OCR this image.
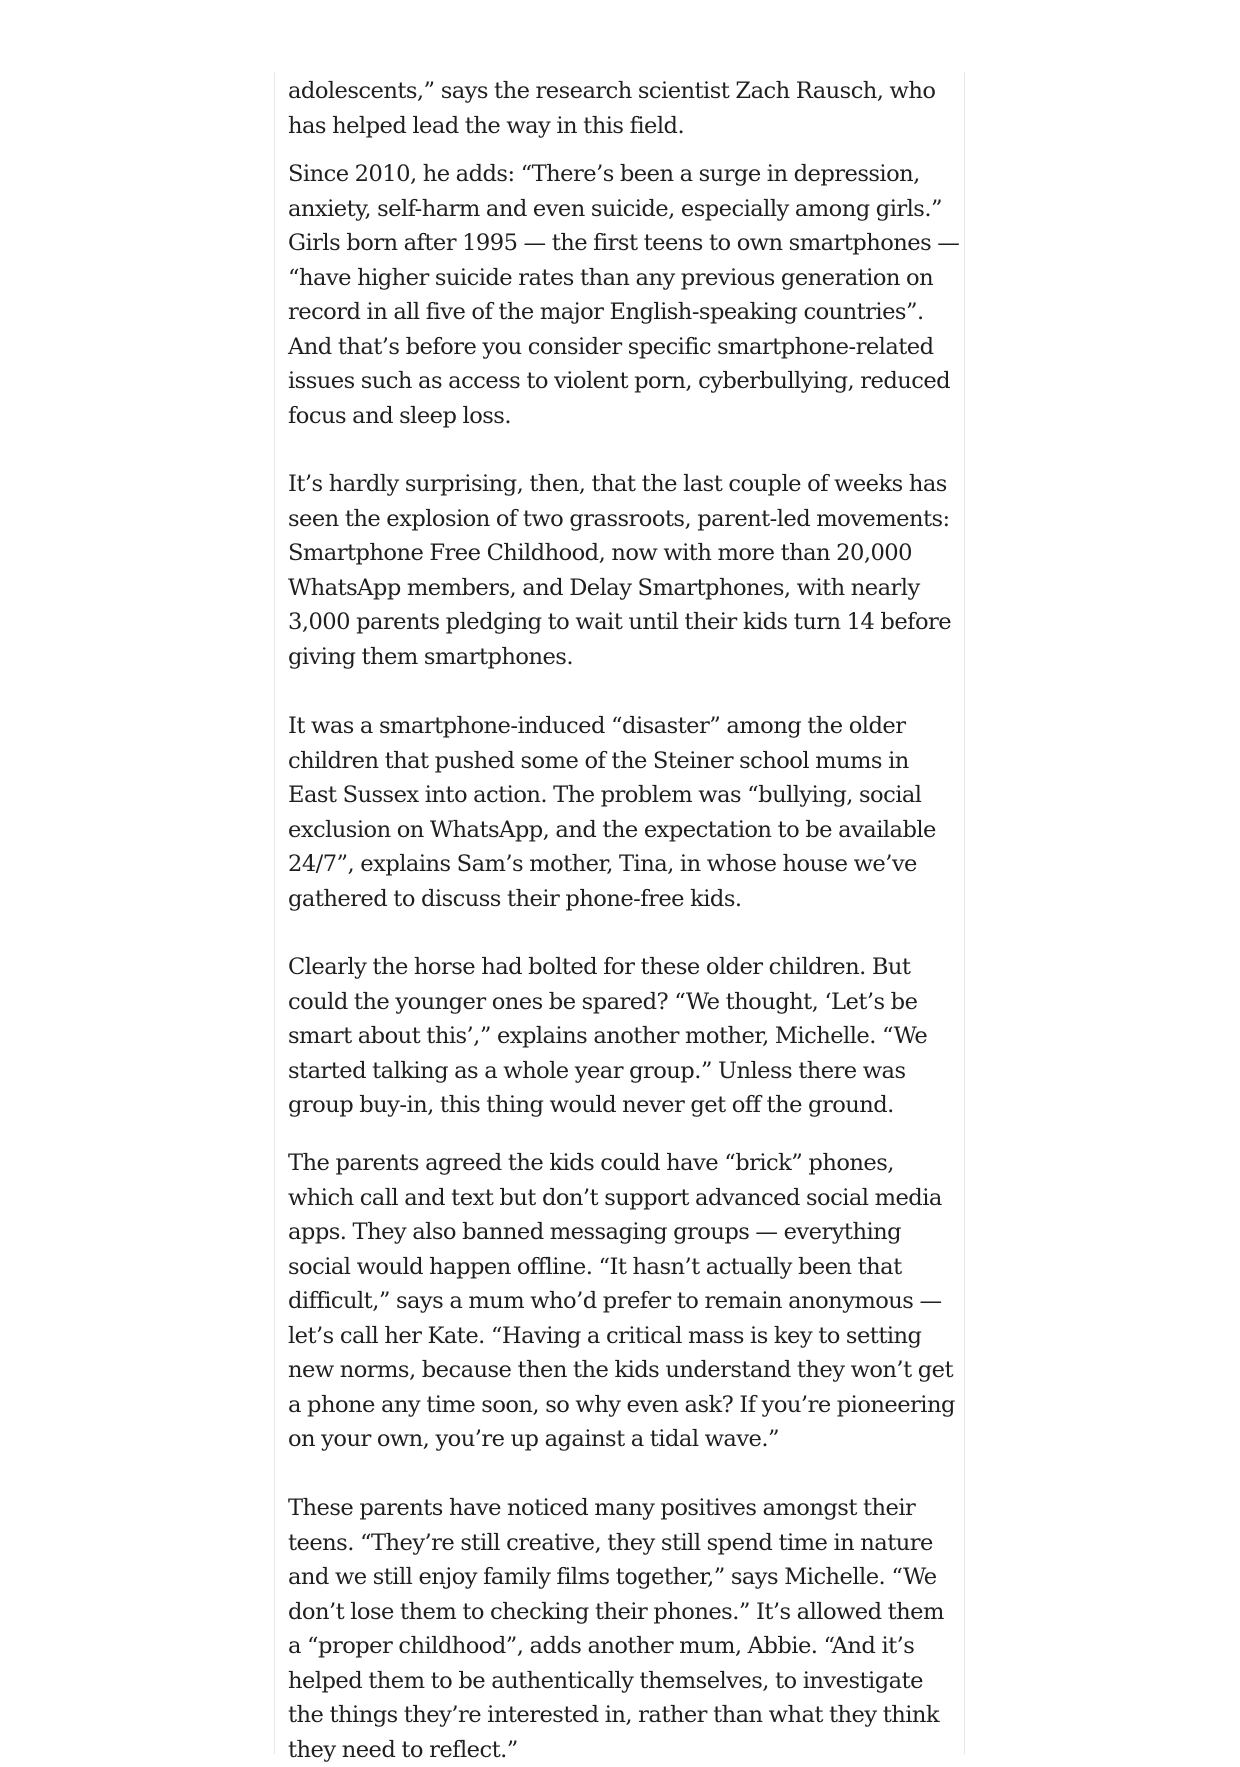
adolescents,” says the research scientist Zach Rausch, who has helped lead the way in this field.

Since 2010, he adds: “There’s been a surge in depression, anxiety, self-harm and even suicide, especially among girls.” Girls born after 1995 — the first teens to own smartphones — “have higher suicide rates than any previous generation on record in all five of the major English-speaking countries”. And that’s before you consider specific smartphone-related issues such as access to violent porn, cyberbullying, reduced focus and sleep loss.

It’s hardly surprising, then, that the last couple of weeks has seen the explosion of two grassroots, parent-led movements: Smartphone Free Childhood, now with more than 20,000 WhatsApp members, and Delay Smartphones, with nearly 3,000 parents pledging to wait until their kids turn 14 before giving them smartphones.

It was a smartphone-induced “disaster” among the older children that pushed some of the Steiner school mums in East Sussex into action. The problem was “bullying, social exclusion on WhatsApp, and the expectation to be available 24/7”, explains Sam’s mother, Tina, in whose house we’ve gathered to discuss their phone-free kids.

Clearly the horse had bolted for these older children. But could the younger ones be spared? “We thought, ‘Let’s be smart about this’,” explains another mother, Michelle. “We started talking as a whole year group.” Unless there was group buy-in, this thing would never get off the ground.

The parents agreed the kids could have “brick” phones, which call and text but don’t support advanced social media apps. They also banned messaging groups — everything social would happen offline. “It hasn’t actually been that difficult,” says a mum who’d prefer to remain anonymous — let’s call her Kate. “Having a critical mass is key to setting new norms, because then the kids understand they won’t get a phone any time soon, so why even ask? If you’re pioneering on your own, you’re up against a tidal wave.”

These parents have noticed many positives amongst their teens. “They’re still creative, they still spend time in nature and we still enjoy family films together,” says Michelle. “We don’t lose them to checking their phones.” It’s allowed them a “proper childhood”, adds another mum, Abbie. “And it’s helped them to be authentically themselves, to investigate the things they’re interested in, rather than what they think they need to reflect.”
